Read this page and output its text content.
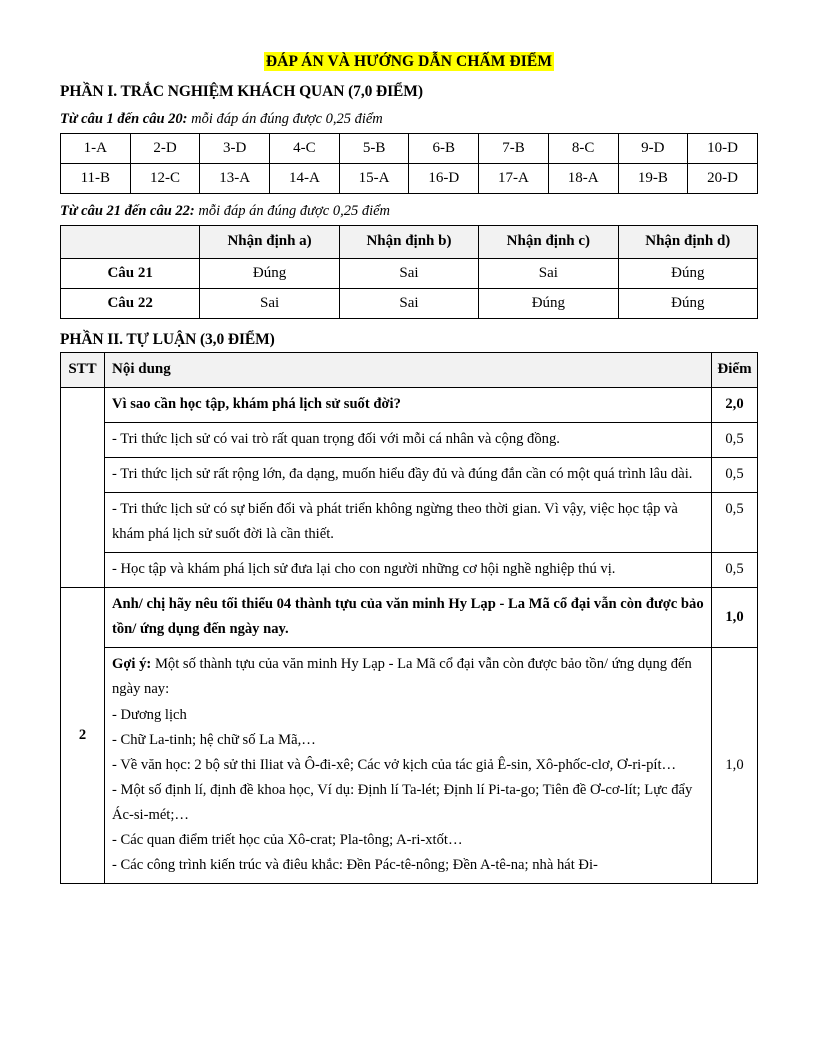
ĐÁP ÁN VÀ HƯỚNG DẪN CHẤM ĐIỂM
PHẦN I. TRẮC NGHIỆM KHÁCH QUAN (7,0 ĐIỂM)
Từ câu 1 đến câu 20: mỗi đáp án đúng được 0,25 điểm
1-A	2-D	3-D	4-C	5-B	6-B	7-B	8-C	9-D	10-D
11-B	12-C	13-A	14-A	15-A	16-D	17-A	18-A	19-B	20-D
Từ câu 21 đến câu 22: mỗi đáp án đúng được 0,25 điểm
	Nhận định a)	Nhận định b)	Nhận định c)	Nhận định d)
Câu 21	Đúng	Sai	Sai	Đúng
Câu 22	Sai	Sai	Đúng	Đúng
PHẦN II. TỰ LUẬN (3,0 ĐIỂM)
STT	Nội dung	Điểm
	Vì sao cần học tập, khám phá lịch sử suốt đời?	2,0
	- Tri thức lịch sử có vai trò rất quan trọng đối với mỗi cá nhân và cộng đồng.	0,5
	- Tri thức lịch sử rất rộng lớn, đa dạng, muốn hiểu đầy đủ và đúng đắn cần có một quá trình lâu dài.	0,5
	- Tri thức lịch sử có sự biến đổi và phát triển không ngừng theo thời gian. Vì vậy, việc học tập và khám phá lịch sử suốt đời là cần thiết.	0,5
	- Học tập và khám phá lịch sử đưa lại cho con người những cơ hội nghề nghiệp thú vị.	0,5
2	Anh/ chị hãy nêu tối thiểu 04 thành tựu của văn minh Hy Lạp - La Mã cổ đại vẫn còn được bảo tồn/ ứng dụng đến ngày nay.	1,0

Gợi ý: Một số thành tựu của văn minh Hy Lạp - La Mã cổ đại vẫn còn được bảo tồn/ ứng dụng đến ngày nay:
- Dương lịch
- Chữ La-tinh; hệ chữ số La Mã,…
- Về văn học: 2 bộ sử thi Iliat và Ô-đi-xê; Các vở kịch của tác giả Ê-sin, Xô-phốc-clơ, Ơ-ri-pít…
- Một số định lí, định đề khoa học, Ví dụ: Định lí Ta-lét; Định lí Pi-ta-go; Tiên đề Ơ-cơ-lít; Lực đẩy Ác-si-mét;…
- Các quan điểm triết học của Xô-crat; Pla-tông; A-ri-xtốt…
- Các công trình kiến trúc và điêu khắc: Đền Pác-tê-nông; Đền A-tê-na; nhà hát Đi-
	1,0
